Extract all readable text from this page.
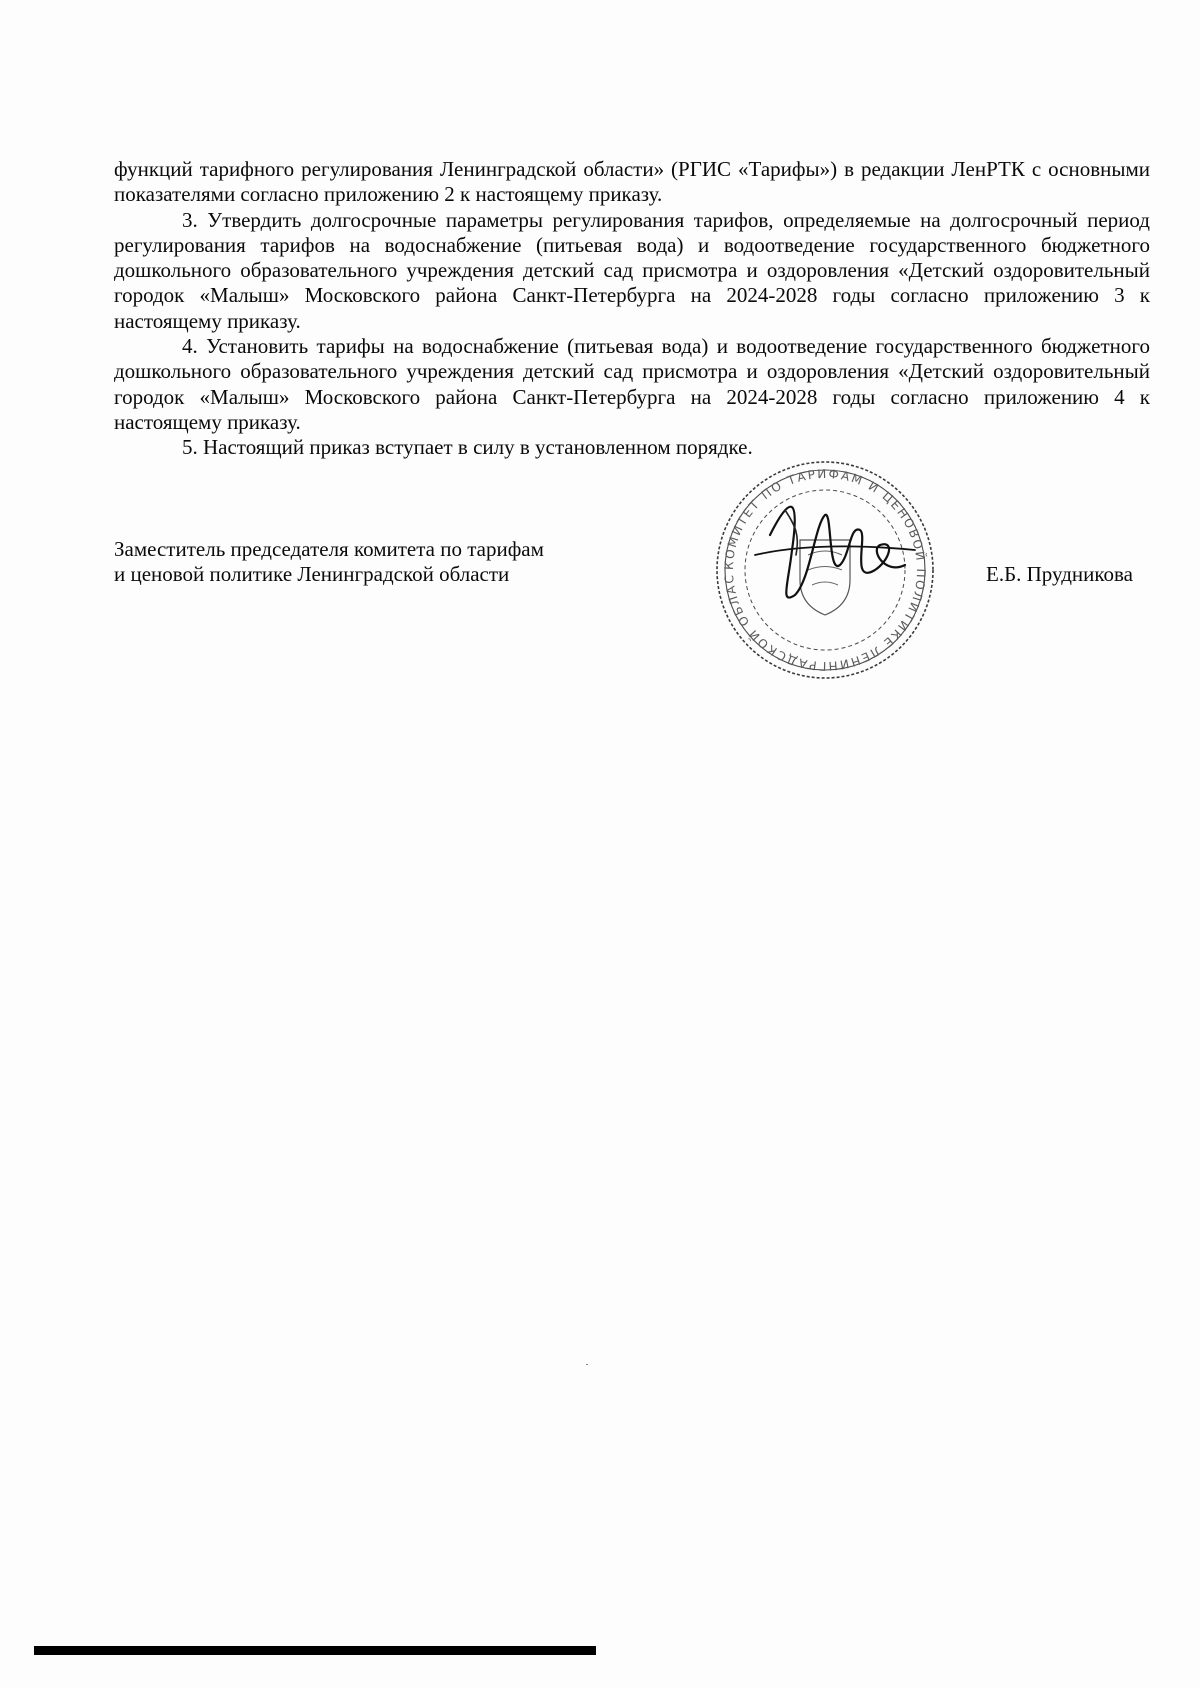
функций тарифного регулирования Ленинградской области» (РГИС «Тарифы») в редакции ЛенРТК с основными показателями согласно приложению 2 к настоящему приказу.

3. Утвердить долгосрочные параметры регулирования тарифов, определяемые на долгосрочный период регулирования тарифов на водоснабжение (питьевая вода) и водоотведение государственного бюджетного дошкольного образовательного учреждения детский сад присмотра и оздоровления «Детский оздоровительный городок «Малыш» Московского района Санкт-Петербурга на 2024-2028 годы согласно приложению 3 к настоящему приказу.

4. Установить тарифы на водоснабжение (питьевая вода) и водоотведение государственного бюджетного дошкольного образовательного учреждения детский сад присмотра и оздоровления «Детский оздоровительный городок «Малыш» Московского района Санкт-Петербурга на 2024-2028 годы согласно приложению 4 к настоящему приказу.

5. Настоящий приказ вступает в силу в установленном порядке.

Заместитель председателя комитета по тарифам
и ценовой политике Ленинградской области	Е.Б. Прудникова
КОМИТЕТ ПО ТАРИФАМ И ЦЕНОВОЙ ПОЛИТИКЕ ЛЕНИНГРАДСКОЙ ОБЛАС
